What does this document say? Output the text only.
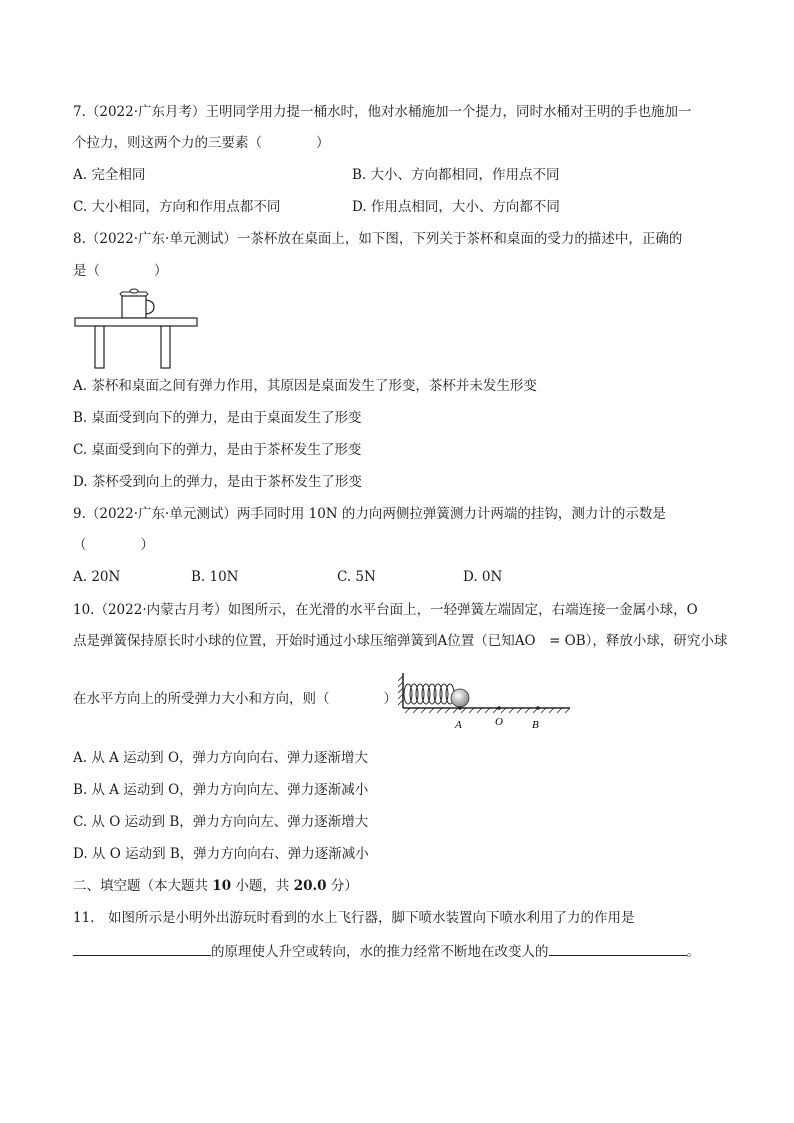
7.（2022·广东月考）王明同学用力提一桶水时，他对水桶施加一个提力，同时水桶对王明的手也施加一
个拉力，则这两个力的三要素（　　　　）
A. 完全相同	B. 大小、方向都相同，作用点不同
C. 大小相同，方向和作用点都不同	D. 作用点相同，大小、方向都不同
8.（2022·广东·单元测试）一茶杯放在桌面上，如下图，下列关于茶杯和桌面的受力的描述中，正确的
是（　　　　）
A. 茶杯和桌面之间有弹力作用，其原因是桌面发生了形变，茶杯并未发生形变
B. 桌面受到向下的弹力，是由于桌面发生了形变
C. 桌面受到向下的弹力，是由于茶杯发生了形变
D. 茶杯受到向上的弹力，是由于茶杯发生了形变
9.（2022·广东·单元测试）两手同时用 10N 的力向两侧拉弹簧测力计两端的挂钩，测力计的示数是
（　　　　）
A. 20N	B. 10N	C. 5N	D. 0N
10.（2022·内蒙古月考）如图所示，在光滑的水平台面上，一轻弹簧左端固定，右端连接一金属小球，O
点是弹簧保持原长时小球的位置，开始时通过小球压缩弹簧到A位置（已知AO　= OB），释放小球，研究小球
在水平方向上的所受弹力大小和方向，则（　　　　）
A	O	B
A. 从 A 运动到 O，弹力方向向右、弹力逐渐增大
B. 从 A 运动到 O，弹力方向向左、弹力逐渐减小
C. 从 O 运动到 B，弹力方向向左、弹力逐渐增大
D. 从 O 运动到 B，弹力方向向右、弹力逐渐减小
二、填空题（本大题共 10 小题，共 20.0 分）
11.　如图所示是小明外出游玩时看到的水上飞行器，脚下喷水装置向下喷水利用了力的作用是
的原理使人升空或转向，水的推力经常不断地在改变人的	。
